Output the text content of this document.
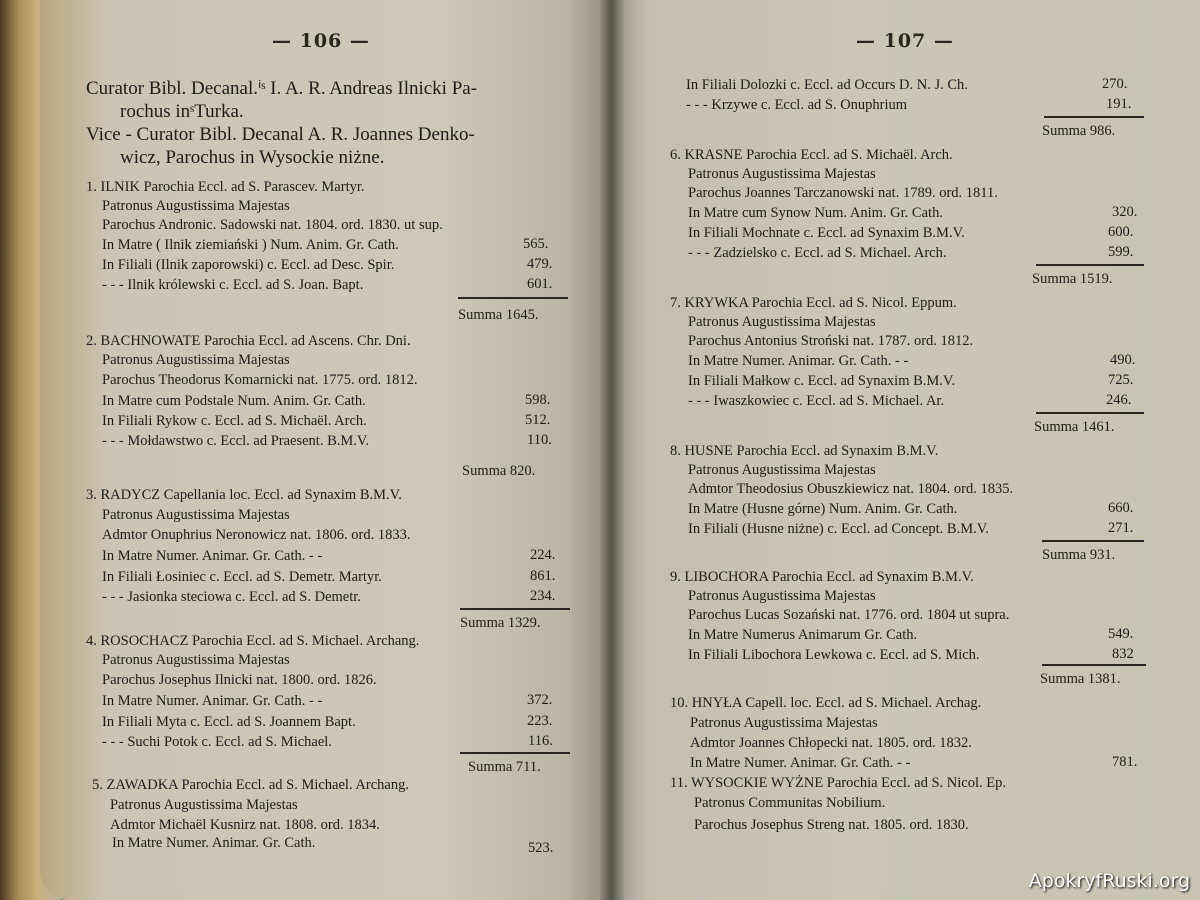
— 106 —
Curator Bibl. Decanal.ⁱˢ I. A. R. Andreas Ilnicki Pa-
rochus inˢTurka.
Vice - Curator Bibl. Decanal A. R. Joannes Denko-
wicz, Parochus in Wysockie niżne.
1. ILNIK Parochia Eccl. ad S. Parascev. Martyr.
Patronus Augustissima Majestas
Parochus Andronic. Sadowski nat. 1804. ord. 1830. ut sup.
In Matre ( Ilnik ziemiański ) Num. Anim. Gr. Cath.	565.
In Filiali (Ilnik zaporowski) c. Eccl. ad Desc. Spir.	479.
- - - Ilnik królewski c. Eccl. ad S. Joan. Bapt.	601.
Summa 1645.
2. BACHNOWATE Parochia Eccl. ad Ascens. Chr. Dni.
Patronus Augustissima Majestas
Parochus Theodorus Komarnicki nat. 1775. ord. 1812.
In Matre cum Podstale Num. Anim. Gr. Cath.	598.
In Filiali Rykow c. Eccl. ad S. Michaël. Arch.	512.
- - - Mołdawstwo c. Eccl. ad Praesent. B.M.V.	110.
Summa 820.
3. RADYCZ Capellania loc. Eccl. ad Synaxim B.M.V.
Patronus Augustissima Majestas
Admtor Onuphrius Neronowicz nat. 1806. ord. 1833.
In Matre Numer. Animar. Gr. Cath. - -	224.
In Filiali Łosiniec c. Eccl. ad S. Demetr. Martyr.	861.
- - - Jasionka steciowa c. Eccl. ad S. Demetr.	234.
Summa 1329.
4. ROSOCHACZ Parochia Eccl. ad S. Michael. Archang.
Patronus Augustissima Majestas
Parochus Josephus Ilnicki nat. 1800. ord. 1826.
In Matre Numer. Animar. Gr. Cath. - -	372.
In Filiali Myta c. Eccl. ad S. Joannem Bapt.	223.
- - - Suchi Potok c. Eccl. ad S. Michael.	116.
Summa 711.
5. ZAWADKA Parochia Eccl. ad S. Michael. Archang.
Patronus Augustissima Majestas
Admtor Michaël Kusnirz nat. 1808. ord. 1834.
In Matre Numer. Animar. Gr. Cath.	523.
— 107 —
In Filiali Dolozki c. Eccl. ad Occurs D. N. J. Ch.	270.
- - - Krzywe c. Eccl. ad S. Onuphrium	191.
Summa 986.
6. KRASNE Parochia Eccl. ad S. Michaël. Arch.
Patronus Augustissima Majestas
Parochus Joannes Tarczanowski nat. 1789. ord. 1811.
In Matre cum Synow Num. Anim. Gr. Cath.	320.
In Filiali Mochnate c. Eccl. ad Synaxim B.M.V.	600.
- - - Zadzielsko c. Eccl. ad S. Michael. Arch.	599.
Summa 1519.
7. KRYWKA Parochia Eccl. ad S. Nicol. Eppum.
Patronus Augustissima Majestas
Parochus Antonius Stroński nat. 1787. ord. 1812.
In Matre Numer. Animar. Gr. Cath. - -	490.
In Filiali Małkow c. Eccl. ad Synaxim B.M.V.	725.
- - - Iwaszkowiec c. Eccl. ad S. Michael. Ar.	246.
Summa 1461.
8. HUSNE Parochia Eccl. ad Synaxim B.M.V.
Patronus Augustissima Majestas
Admtor Theodosius Obuszkiewicz nat. 1804. ord. 1835.
In Matre (Husne górne) Num. Anim. Gr. Cath.	660.
In Filiali (Husne niżne) c. Eccl. ad Concept. B.M.V.	271.
Summa 931.
9. LIBOCHORA Parochia Eccl. ad Synaxim B.M.V.
Patronus Augustissima Majestas
Parochus Lucas Sozański nat. 1776. ord. 1804 ut supra.
In Matre Numerus Animarum Gr. Cath.	549.
In Filiali Libochora Lewkowa c. Eccl. ad S. Mich.	832
Summa 1381.
10. HNYŁA Capell. loc. Eccl. ad S. Michael. Archag.
Patronus Augustissima Majestas
Admtor Joannes Chłopecki nat. 1805. ord. 1832.
In Matre Numer. Animar. Gr. Cath. - -	781.
11. WYSOCKIE WYŻNE Parochia Eccl. ad S. Nicol. Ep.
Patronus Communitas Nobilium.
Parochus Josephus Streng nat. 1805. ord. 1830.
ApokryfRuski.org
